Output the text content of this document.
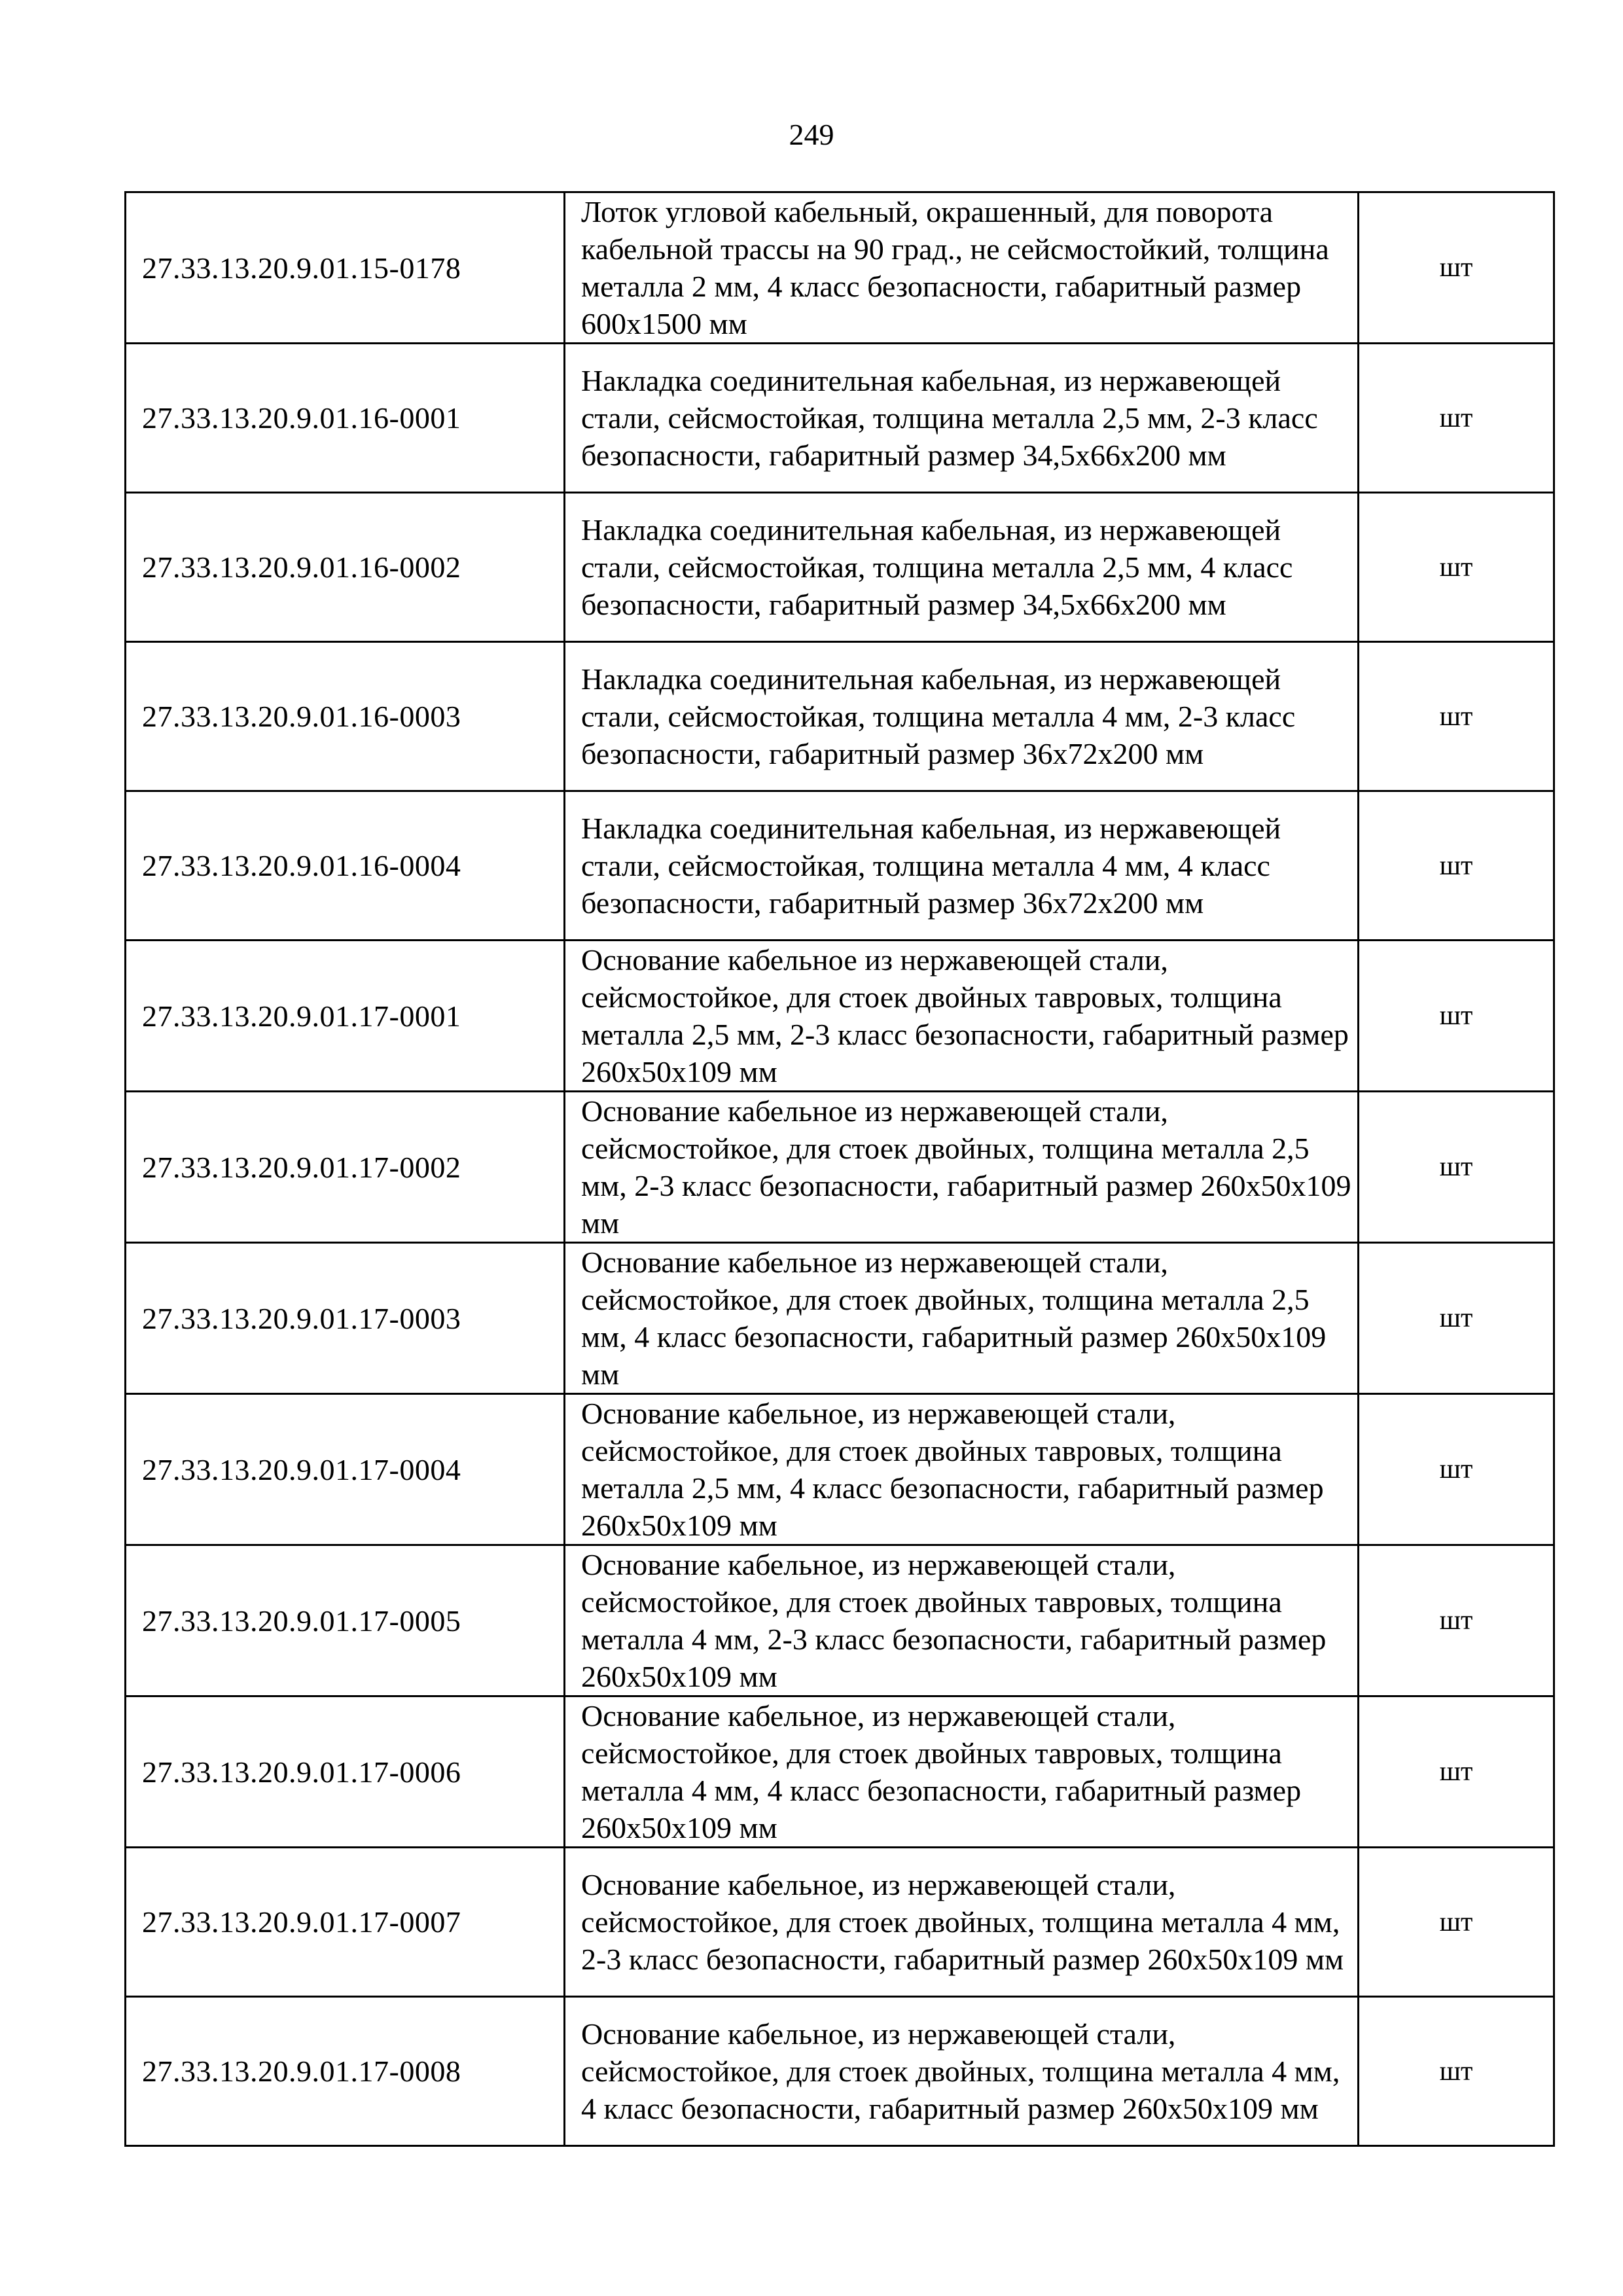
249
27.33.13.20.9.01.15-0178	Лоток угловой кабельный, окрашенный, для поворота кабельной трассы на 90 град., не сейсмостойкий, толщина металла 2 мм, 4 класс безопасности, габаритный размер 600х1500 мм	шт
27.33.13.20.9.01.16-0001	Накладка соединительная кабельная, из нержавеющей стали, сейсмостойкая, толщина металла 2,5 мм, 2-3 класс безопасности, габаритный размер 34,5х66х200 мм	шт
27.33.13.20.9.01.16-0002	Накладка соединительная кабельная, из нержавеющей стали, сейсмостойкая, толщина металла 2,5 мм, 4 класс безопасности, габаритный размер 34,5х66х200 мм	шт
27.33.13.20.9.01.16-0003	Накладка соединительная кабельная, из нержавеющей стали, сейсмостойкая, толщина металла 4 мм, 2-3 класс безопасности, габаритный размер 36х72х200 мм	шт
27.33.13.20.9.01.16-0004	Накладка соединительная кабельная, из нержавеющей стали, сейсмостойкая, толщина металла 4 мм, 4 класс безопасности, габаритный размер 36х72х200 мм	шт
27.33.13.20.9.01.17-0001	Основание кабельное из нержавеющей стали, сейсмостойкое, для стоек двойных тавровых, толщина металла 2,5 мм, 2-3 класс безопасности, габаритный размер 260х50х109 мм	шт
27.33.13.20.9.01.17-0002	Основание кабельное из нержавеющей стали, сейсмостойкое, для стоек двойных, толщина металла 2,5 мм, 2-3 класс безопасности, габаритный размер 260х50х109 мм	шт
27.33.13.20.9.01.17-0003	Основание кабельное из нержавеющей стали, сейсмостойкое, для стоек двойных, толщина металла 2,5 мм, 4 класс безопасности, габаритный размер 260х50х109 мм	шт
27.33.13.20.9.01.17-0004	Основание кабельное, из нержавеющей стали, сейсмостойкое, для стоек двойных тавровых, толщина металла 2,5 мм, 4 класс безопасности, габаритный размер 260х50х109 мм	шт
27.33.13.20.9.01.17-0005	Основание кабельное, из нержавеющей стали, сейсмостойкое, для стоек двойных тавровых, толщина металла 4 мм, 2-3 класс безопасности, габаритный размер 260х50х109 мм	шт
27.33.13.20.9.01.17-0006	Основание кабельное, из нержавеющей стали, сейсмостойкое, для стоек двойных тавровых, толщина металла 4 мм, 4 класс безопасности, габаритный размер 260х50х109 мм	шт
27.33.13.20.9.01.17-0007	Основание кабельное, из нержавеющей стали, сейсмостойкое, для стоек двойных, толщина металла 4 мм, 2-3 класс безопасности, габаритный размер 260х50х109 мм	шт
27.33.13.20.9.01.17-0008	Основание кабельное, из нержавеющей стали, сейсмостойкое, для стоек двойных, толщина металла 4 мм, 4 класс безопасности, габаритный размер 260х50х109 мм	шт
